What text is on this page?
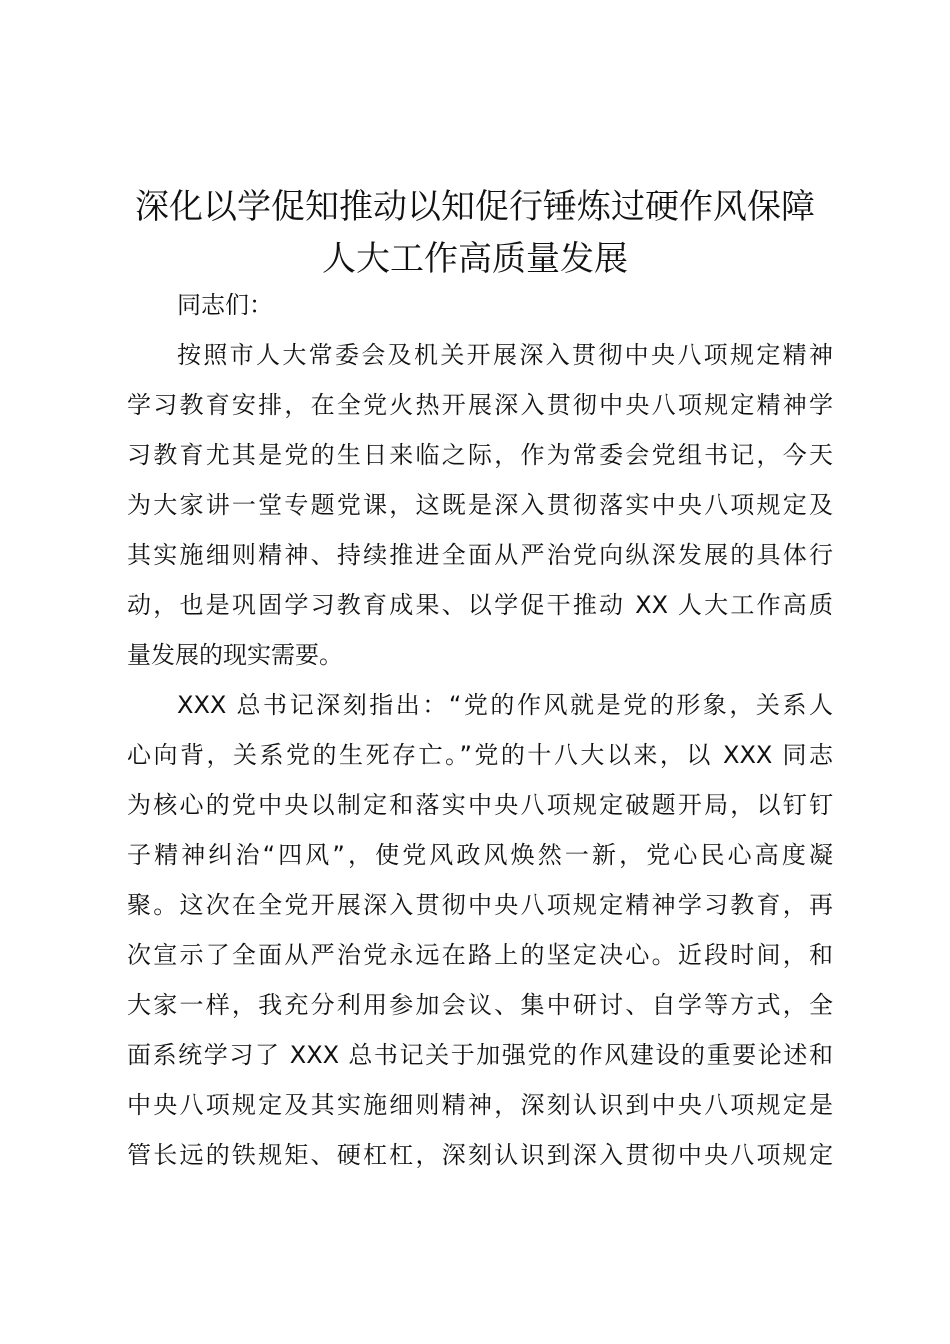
深化以学促知推动以知促行锤炼过硬作风保障
人大工作高质量发展
同志们：
按照市人大常委会及机关开展深入贯彻中央八项规定精神
学习教育安排，在全党火热开展深入贯彻中央八项规定精神学
习教育尤其是党的生日来临之际，作为常委会党组书记，今天
为大家讲一堂专题党课，这既是深入贯彻落实中央八项规定及
其实施细则精神、持续推进全面从严治党向纵深发展的具体行
动，也是巩固学习教育成果、以学促干推动 XX 人大工作高质
量发展的现实需要。
XXX 总书记深刻指出：“党的作风就是党的形象，关系人
心向背，关系党的生死存亡。”党的十八大以来，以 XXX 同志
为核心的党中央以制定和落实中央八项规定破题开局，以钉钉
子精神纠治“四风”，使党风政风焕然一新，党心民心高度凝
聚。这次在全党开展深入贯彻中央八项规定精神学习教育，再
次宣示了全面从严治党永远在路上的坚定决心。近段时间，和
大家一样，我充分利用参加会议、集中研讨、自学等方式，全
面系统学习了 XXX 总书记关于加强党的作风建设的重要论述和
中央八项规定及其实施细则精神，深刻认识到中央八项规定是
管长远的铁规矩、硬杠杠，深刻认识到深入贯彻中央八项规定
